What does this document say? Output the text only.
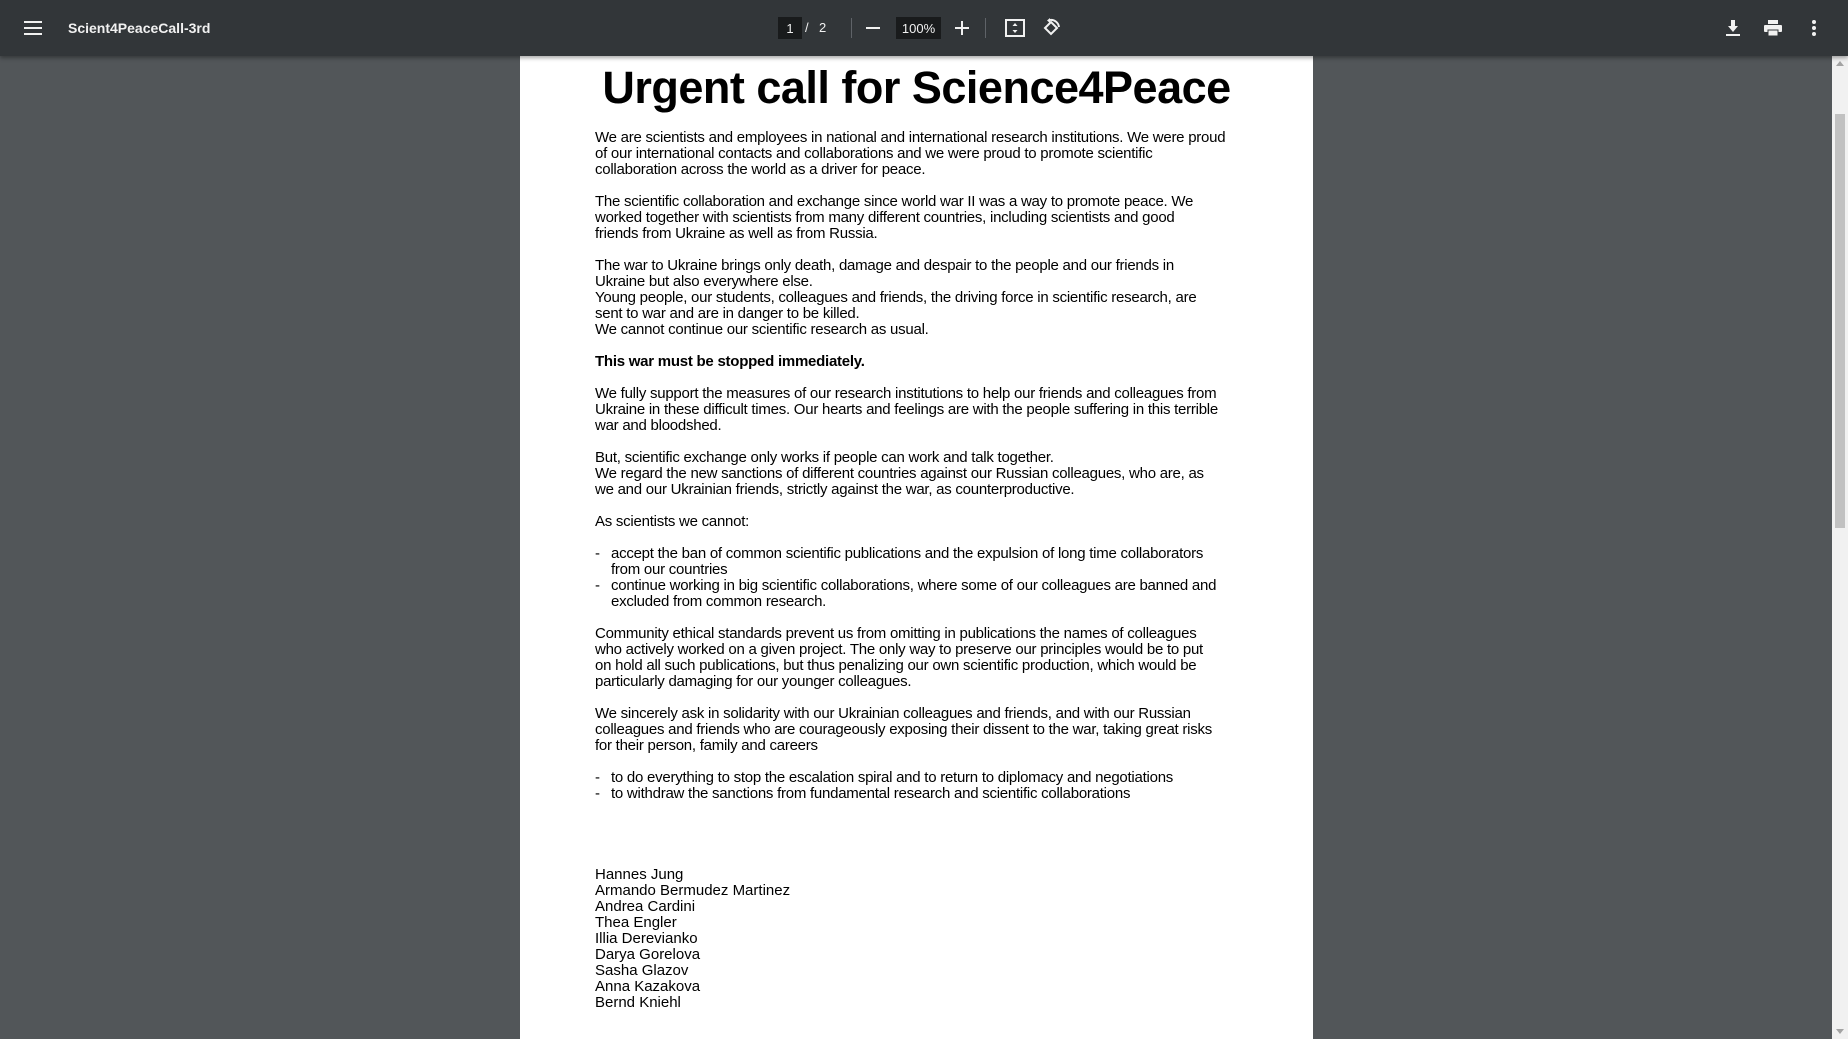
Scient4PeaceCall-3rd	1 / 2	100%
Urgent call for Science4Peace
We are scientists and employees in national and international research institutions. We were proud
of our international contacts and collaborations and we were proud to promote scientific
collaboration across the world as a driver for peace.
The scientific collaboration and exchange since world war II was a way to promote peace. We
worked together with scientists from many different countries, including scientists and good
friends from Ukraine as well as from Russia.
The war to Ukraine brings only death, damage and despair to the people and our friends in
Ukraine but also everywhere else.
Young people, our students, colleagues and friends, the driving force in scientific research, are
sent to war and are in danger to be killed.
We cannot continue our scientific research as usual.
This war must be stopped immediately.
We fully support the measures of our research institutions to help our friends and colleagues from
Ukraine in these difficult times. Our hearts and feelings are with the people suffering in this terrible
war and bloodshed.
But, scientific exchange only works if people can work and talk together.
We regard the new sanctions of different countries against our Russian colleagues, who are, as
we and our Ukrainian friends, strictly against the war, as counterproductive.
As scientists we cannot:
- accept the ban of common scientific publications and the expulsion of long time collaborators
from our countries
- continue working in big scientific collaborations, where some of our colleagues are banned and
excluded from common research.
Community ethical standards prevent us from omitting in publications the names of colleagues
who actively worked on a given project. The only way to preserve our principles would be to put
on hold all such publications, but thus penalizing our own scientific production, which would be
particularly damaging for our younger colleagues.
We sincerely ask in solidarity with our Ukrainian colleagues and friends, and with our Russian
colleagues and friends who are courageously exposing their dissent to the war, taking great risks
for their person, family and careers
- to do everything to stop the escalation spiral and to return to diplomacy and negotiations
- to withdraw the sanctions from fundamental research and scientific collaborations
Hannes Jung
Armando Bermudez Martinez
Andrea Cardini
Thea Engler
Illia Derevianko
Darya Gorelova
Sasha Glazov
Anna Kazakova
Bernd Kniehl
